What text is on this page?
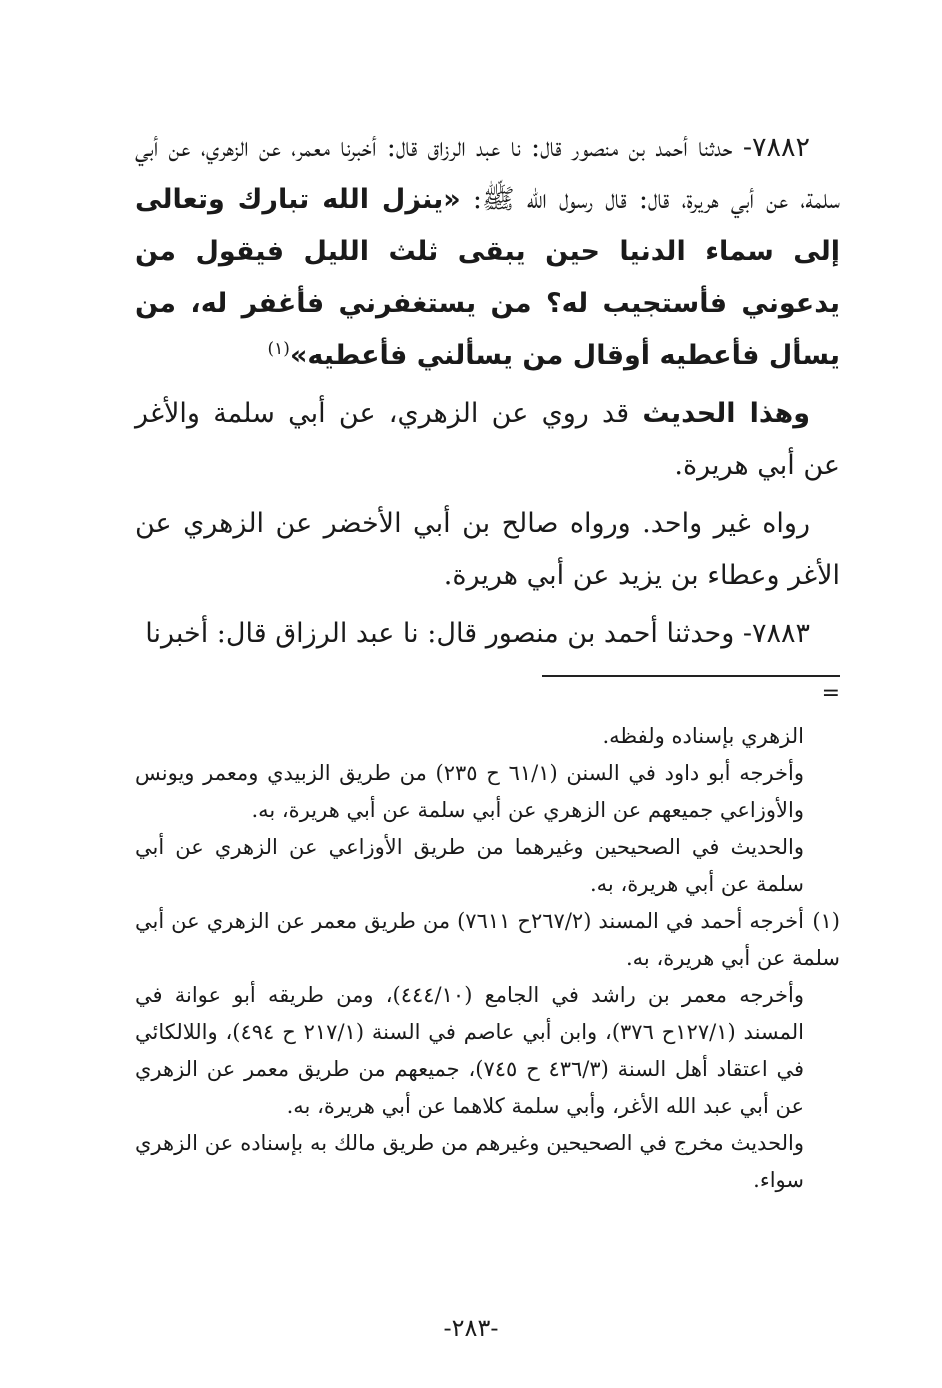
٧٨٨٢- حدثنا أحمد بن منصور قال: نا عبد الرزاق قال: أخبرنا معمر، عن الزهري، عن أبي سلمة، عن أبي هريرة، قال: قال رسول الله ﷺ: «ينزل الله تبارك وتعالى إلى سماء الدنيا حين يبقى ثلث الليل فيقول من يدعوني فأستجيب له؟ من يستغفرني فأغفر له، من يسأل فأعطيه أوقال من يسألني فأعطيه»$^{(١)}$

وهذا الحديث قد روي عن الزهري، عن أبي سلمة والأغر عن أبي هريرة.

رواه غير واحد. ورواه صالح بن أبي الأخضر عن الزهري عن الأغر وعطاء بن يزيد عن أبي هريرة.

٧٨٨٣- وحدثنا أحمد بن منصور قال: نا عبد الرزاق قال: أخبرنا

=

الزهري بإسناده ولفظه.

وأخرجه أبو داود في السنن (٦١/١ ح ٢٣٥) من طريق الزبيدي ومعمر ويونس والأوزاعي جميعهم عن الزهري عن أبي سلمة عن أبي هريرة، به.

والحديث في الصحيحين وغيرهما من طريق الأوزاعي عن الزهري عن أبي سلمة عن أبي هريرة، به.

(١)أخرجه أحمد في المسند (٢٦٧/٢ح ٧٦١١) من طريق معمر عن الزهري عن أبي سلمة عن أبي هريرة، به.

وأخرجه معمر بن راشد في الجامع (٤٤٤/١٠)، ومن طريقه أبو عوانة في المسند (١٢٧/١ح ٣٧٦)، وابن أبي عاصم في السنة (٢١٧/١ ح ٤٩٤)، واللالكائي في اعتقاد أهل السنة (٤٣٦/٣ ح ٧٤٥)، جميعهم من طريق معمر عن الزهري عن أبي عبد الله الأغر، وأبي سلمة كلاهما عن أبي هريرة، به.

والحديث مخرج في الصحيحين وغيرهم من طريق مالك به بإسناده عن الزهري سواء.

-٢٨٣-
